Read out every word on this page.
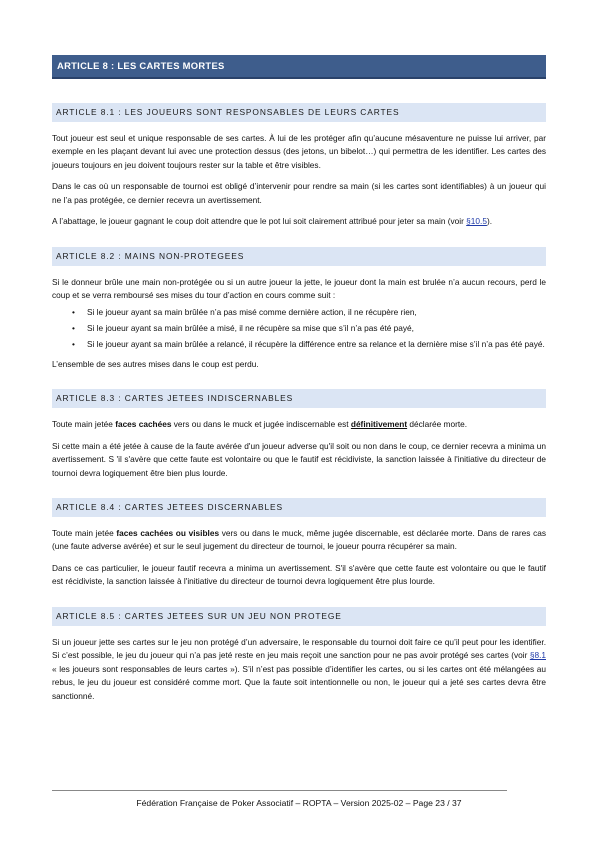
ARTICLE 8 : LES CARTES MORTES
ARTICLE 8.1 : LES JOUEURS SONT RESPONSABLES DE LEURS CARTES

Tout joueur est seul et unique responsable de ses cartes. À lui de les protéger afin qu’aucune mésaventure ne puisse lui arriver, par exemple en les plaçant devant lui avec une protection dessus (des jetons, un bibelot…) qui permettra de les identifier. Les cartes des joueurs toujours en jeu doivent toujours rester sur la table et être visibles.

Dans le cas où un responsable de tournoi est obligé d’intervenir pour rendre sa main (si les cartes sont identifiables) à un joueur qui ne l’a pas protégée, ce dernier recevra un avertissement.

A l’abattage, le joueur gagnant le coup doit attendre que le pot lui soit clairement attribué pour jeter sa main (voir §10.5).

ARTICLE 8.2 : MAINS NON-PROTEGEES

Si le donneur brûle une main non-protégée ou si un autre joueur la jette, le joueur dont la main est brulée n’a aucun recours, perd le coup et se verra remboursé ses mises du tour d’action en cours comme suit :

• Si le joueur ayant sa main brûlée n’a pas misé comme dernière action, il ne récupère rien,
• Si le joueur ayant sa main brûlée a misé, il ne récupère sa mise que s’il n’a pas été payé,
• Si le joueur ayant sa main brûlée a relancé, il récupère la différence entre sa relance et la dernière mise s’il n’a pas été payé.

L’ensemble de ses autres mises dans le coup est perdu.

ARTICLE 8.3 : CARTES JETEES INDISCERNABLES

Toute main jetée faces cachées vers ou dans le muck et jugée indiscernable est définitivement déclarée morte.

Si cette main a été jetée à cause de la faute avérée d'un joueur adverse qu'il soit ou non dans le coup, ce dernier recevra a minima un avertissement. S 'il s'avère que cette faute est volontaire ou que le fautif est récidiviste, la sanction laissée à l'initiative du directeur de tournoi devra logiquement être bien plus lourde.

ARTICLE 8.4 : CARTES JETEES DISCERNABLES

Toute main jetée faces cachées ou visibles vers ou dans le muck, même jugée discernable, est déclarée morte. Dans de rares cas (une faute adverse avérée) et sur le seul jugement du directeur de tournoi, le joueur pourra récupérer sa main.

Dans ce cas particulier, le joueur fautif recevra a minima un avertissement. S'il s'avère que cette faute est volontaire ou que le fautif est récidiviste, la sanction laissée à l'initiative du directeur de tournoi devra logiquement être plus lourde.

ARTICLE 8.5 : CARTES JETEES SUR UN JEU NON PROTEGE

Si un joueur jette ses cartes sur le jeu non protégé d’un adversaire, le responsable du tournoi doit faire ce qu’il peut pour les identifier. Si c’est possible, le jeu du joueur qui n’a pas jeté reste en jeu mais reçoit une sanction pour ne pas avoir protégé ses cartes (voir §8.1 « les joueurs sont responsables de leurs cartes »). S’il n’est pas possible d’identifier les cartes, ou si les cartes ont été mélangées au rebus, le jeu du joueur est considéré comme mort. Que la faute soit intentionnelle ou non, le joueur qui a jeté ses cartes devra être sanctionné.

Fédération Française de Poker Associatif – ROPTA – Version 2025-02 – Page 23 / 37
